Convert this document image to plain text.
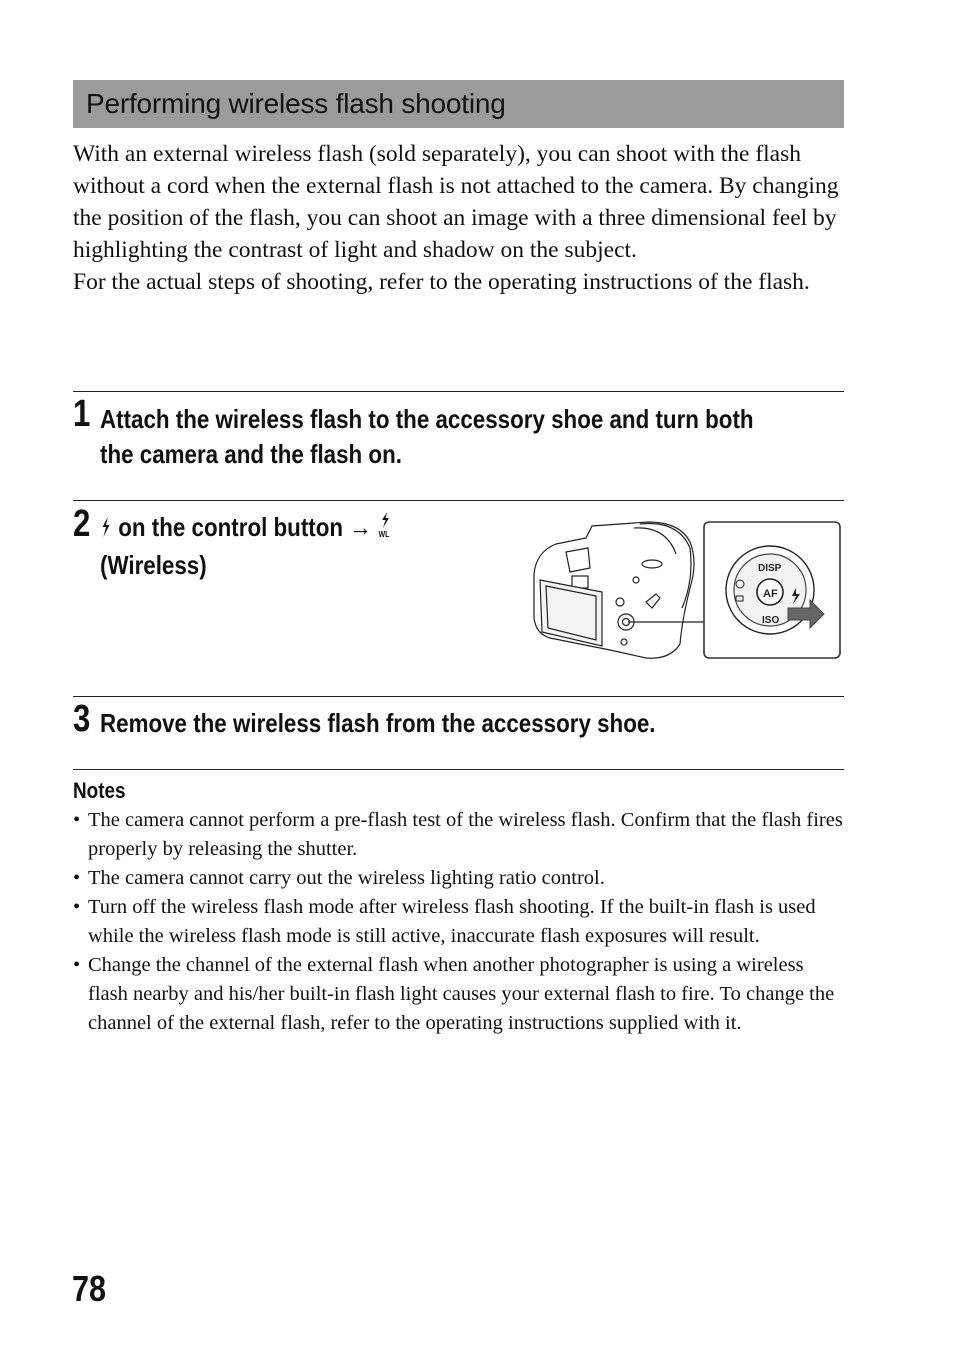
Performing wireless flash shooting

With an external wireless flash (sold separately), you can shoot with the flash without a cord when the external flash is not attached to the camera. By changing the position of the flash, you can shoot an image with a three dimensional feel by highlighting the contrast of light and shadow on the subject.

For the actual steps of shooting, refer to the operating instructions of the flash.

1 Attach the wireless flash to the accessory shoe and turn both
the camera and the flash on.
2	on the control button → WL
(Wireless)	DISP
AF
ISO
3 Remove the wireless flash from the accessory shoe.
Notes
• The camera cannot perform a pre-flash test of the wireless flash. Confirm that the flash fires properly by releasing the shutter.
• The camera cannot carry out the wireless lighting ratio control.
• Turn off the wireless flash mode after wireless flash shooting. If the built-in flash is used while the wireless flash mode is still active, inaccurate flash exposures will result.
• Change the channel of the external flash when another photographer is using a wireless flash nearby and his/her built-in flash light causes your external flash to fire. To change the channel of the external flash, refer to the operating instructions supplied with it.
78
